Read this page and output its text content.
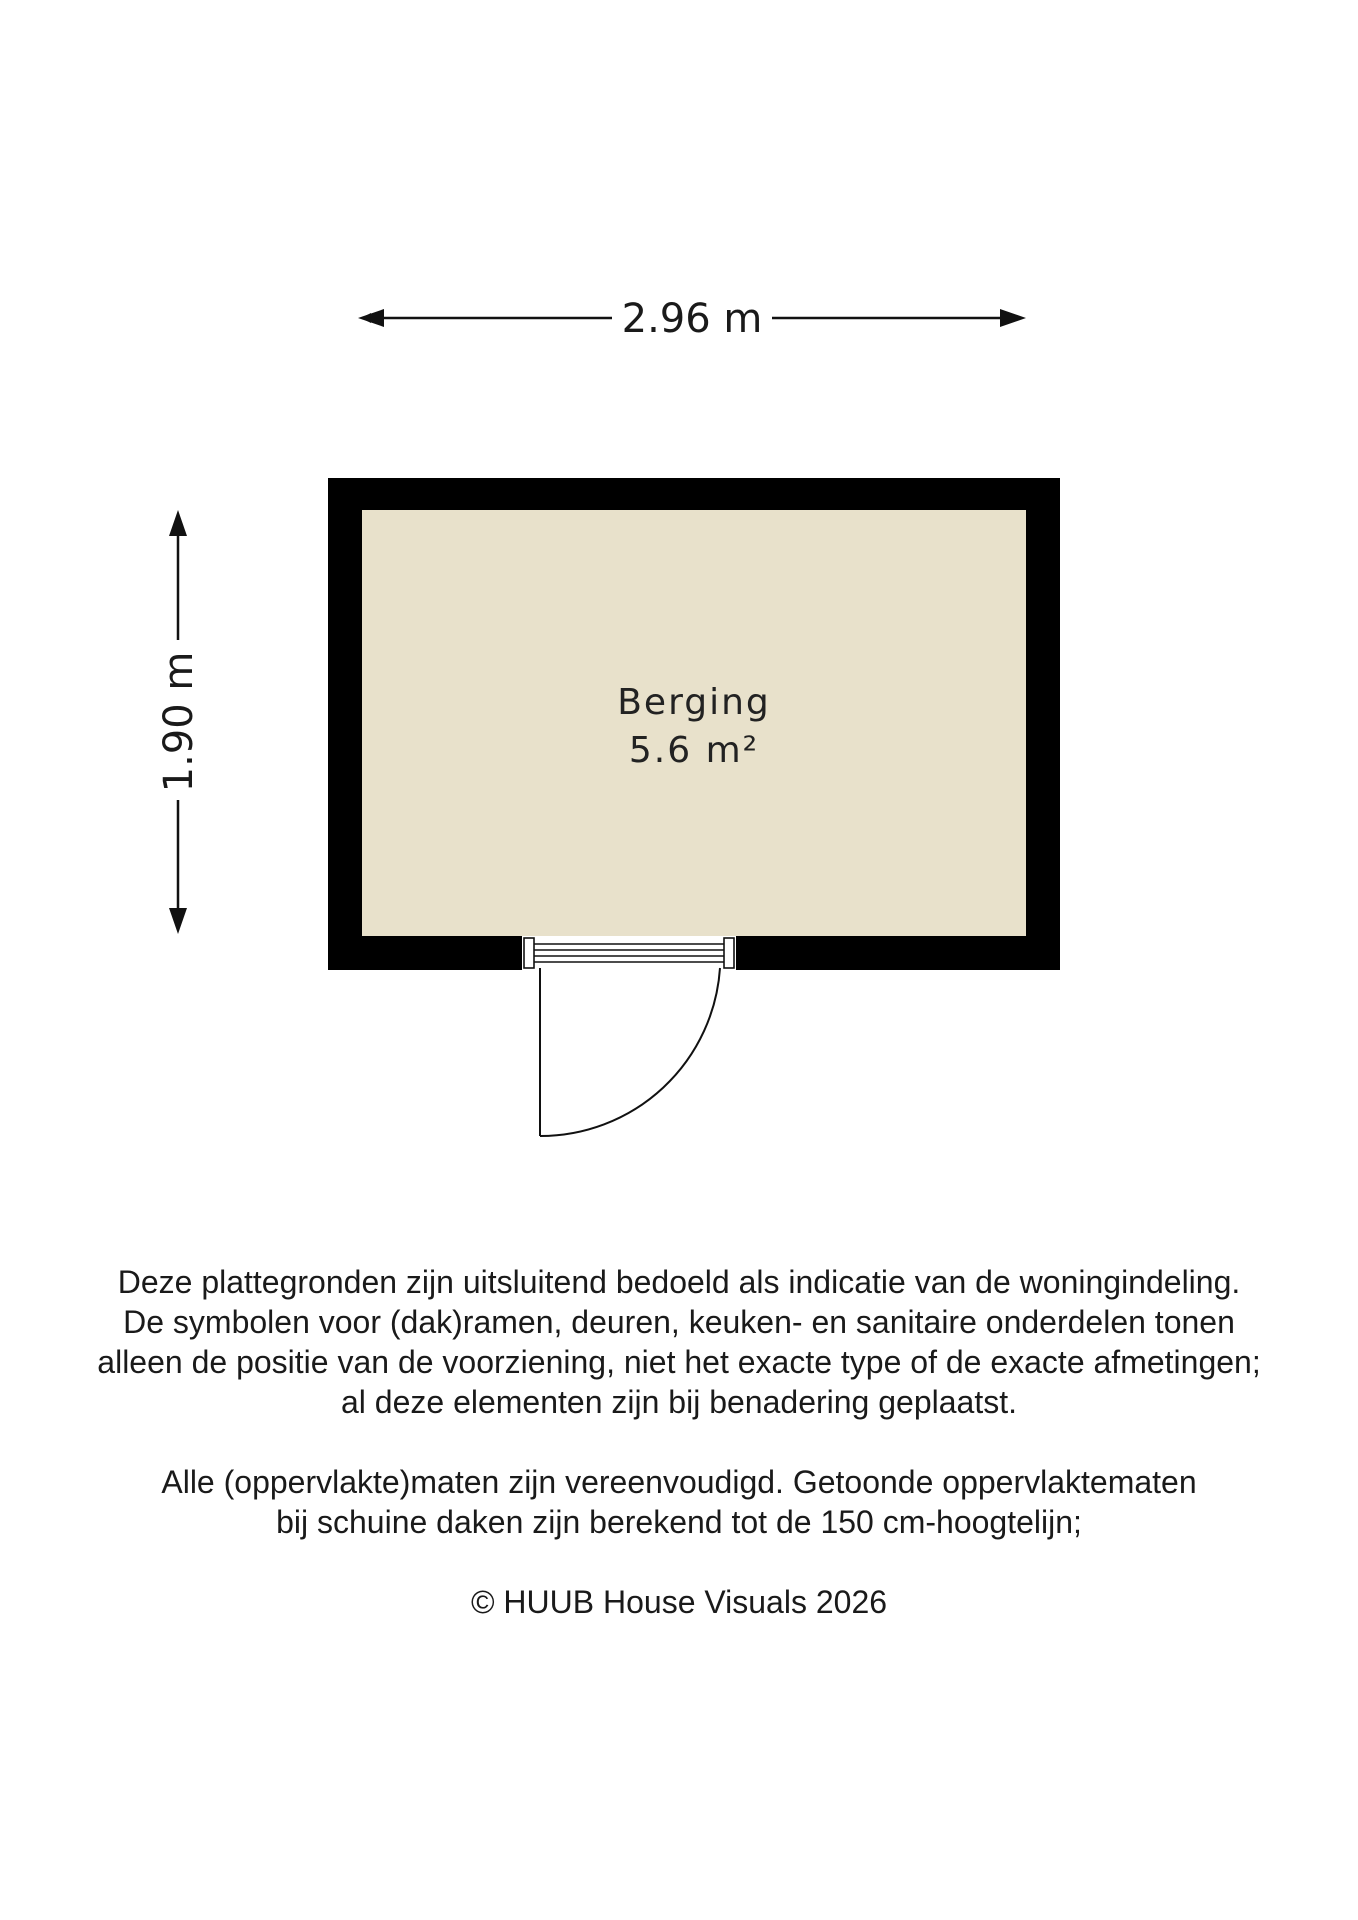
2.96 m
1.90 m	Berging
5.6 m²
Deze plattegronden zijn uitsluitend bedoeld als indicatie van de woningindeling.
De symbolen voor (dak)ramen, deuren, keuken- en sanitaire onderdelen tonen
alleen de positie van de voorziening, niet het exacte type of de exacte afmetingen;
al deze elementen zijn bij benadering geplaatst.
Alle (oppervlakte)maten zijn vereenvoudigd. Getoonde oppervlaktematen
bij schuine daken zijn berekend tot de 150 cm-hoogtelijn;
© HUUB House Visuals 2026
